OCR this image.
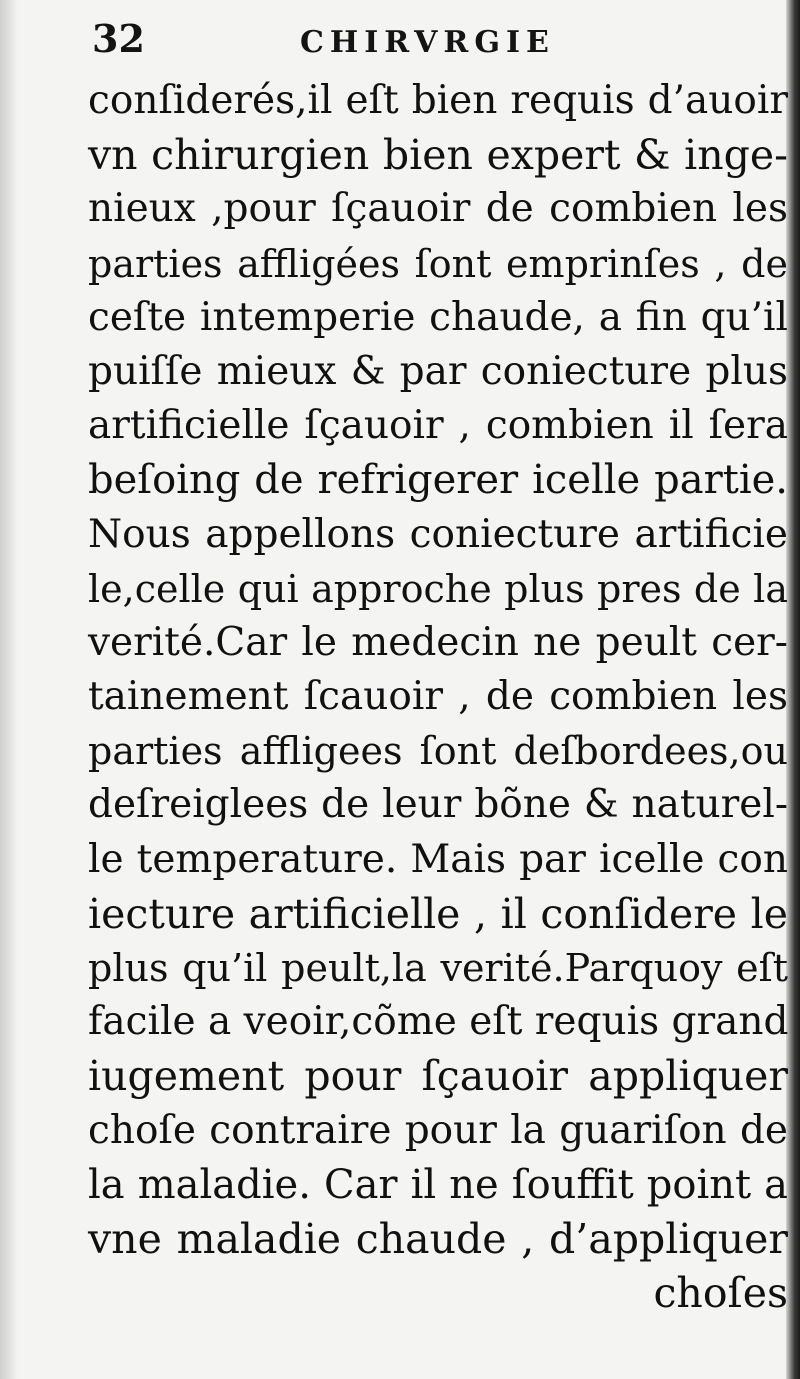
32	CHIRVRGIE
conſiderés,il eſt bien requis d’auoir
vn chirurgien bien expert & inge-
nieux ,pour ſçauoir de combien les
parties affligées ſont emprinſes , de
ceſte intemperie chaude, a fin qu’il
puiſſe mieux & par coniecture plus
artificielle ſçauoir , combien il ſera
beſoing de refrigerer icelle partie.
Nous appellons coniecture artificie
le,celle qui approche plus pres de la
verité.Car le medecin ne peult cer-
tainement ſcauoir , de combien les
parties affligees ſont deſbordees,ou
deſreiglees de leur bõne & naturel-
le temperature. Mais par icelle con
iecture artificielle , il conſidere le
plus qu’il peult,la verité.Parquoy eſt
facile a veoir,cõme eſt requis grand
iugement pour ſçauoir appliquer
choſe contraire pour la guariſon de
la maladie. Car il ne ſouffit point a
vne maladie chaude , d’appliquer
choſes
